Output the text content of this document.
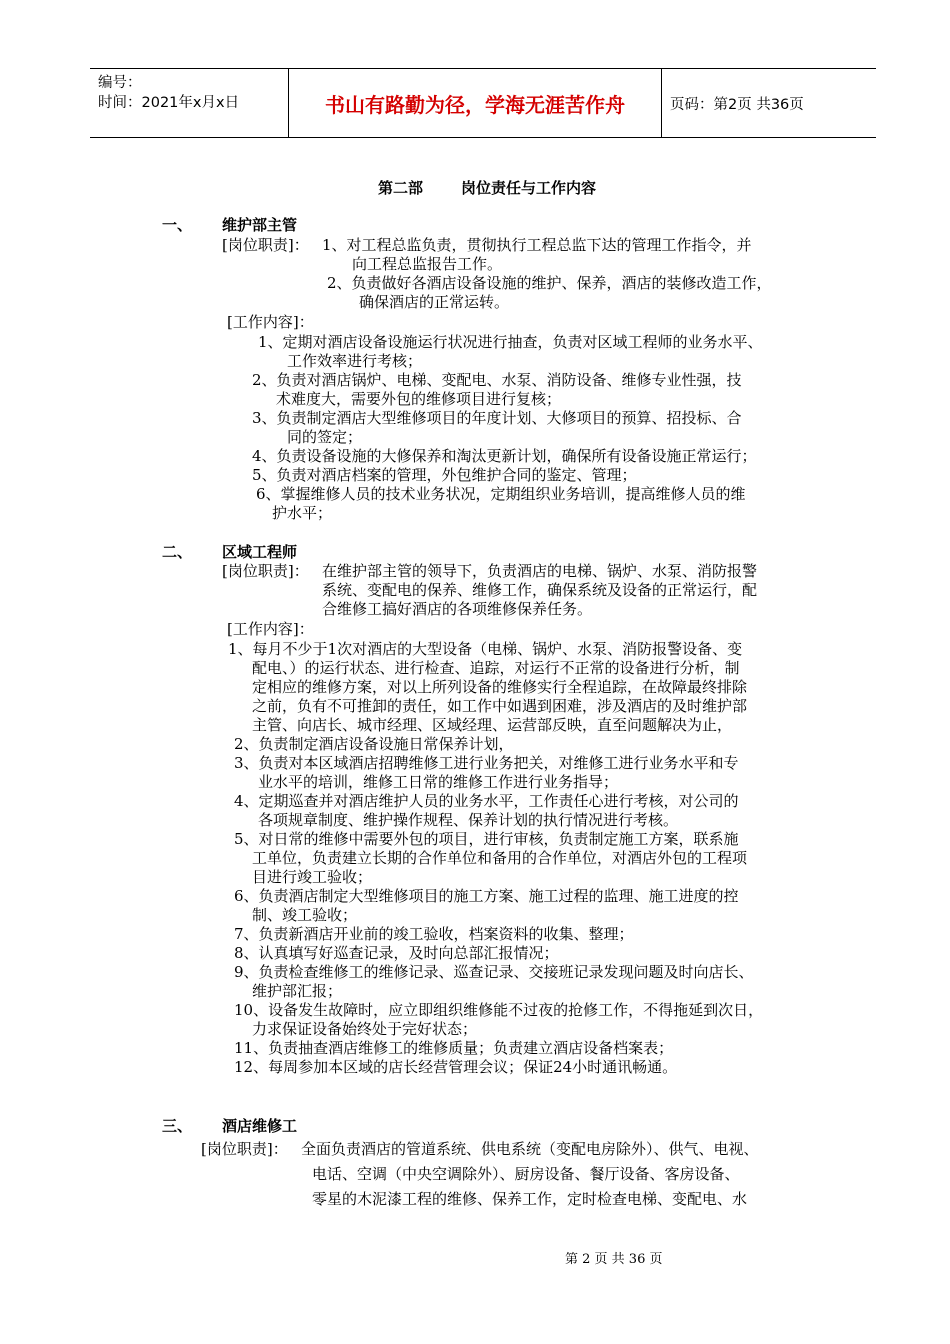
编号：
时间：2021年x月x日	书山有路勤为径，学海无涯苦作舟	页码：第2页 共36页
第二部	岗位责任与工作内容
一、 维护部主管
[岗位职责]： 1、对工程总监负责，贯彻执行工程总监下达的管理工作指令，并
向工程总监报告工作。
2、负责做好各酒店设备设施的维护、保养，酒店的装修改造工作，
确保酒店的正常运转。
[工作内容]：
1、定期对酒店设备设施运行状况进行抽查，负责对区域工程师的业务水平、
工作效率进行考核；
2、负责对酒店锅炉、电梯、变配电、水泵、消防设备、维修专业性强，技
术难度大，需要外包的维修项目进行复核；
3、负责制定酒店大型维修项目的年度计划、大修项目的预算、招投标、合
同的签定；
4、负责设备设施的大修保养和淘汰更新计划，确保所有设备设施正常运行；
5、负责对酒店档案的管理，外包维护合同的鉴定、管理；
6、掌握维修人员的技术业务状况，定期组织业务培训，提高维修人员的维
护水平；
二、 区域工程师
[岗位职责]： 在维护部主管的领导下，负责酒店的电梯、锅炉、水泵、消防报警
系统、变配电的保养、维修工作，确保系统及设备的正常运行，配
合维修工搞好酒店的各项维修保养任务。
[工作内容]：
1、每月不少于1次对酒店的大型设备（电梯、锅炉、水泵、消防报警设备、变
配电、）的运行状态、进行检查、追踪，对运行不正常的设备进行分析，制
定相应的维修方案，对以上所列设备的维修实行全程追踪，在故障最终排除
之前，负有不可推卸的责任，如工作中如遇到困难，涉及酒店的及时维护部
主管、向店长、城市经理、区域经理、运营部反映，直至问题解决为止，
2、负责制定酒店设备设施日常保养计划，
3、负责对本区域酒店招聘维修工进行业务把关，对维修工进行业务水平和专
业水平的培训，维修工日常的维修工作进行业务指导；
4、定期巡查并对酒店维护人员的业务水平，工作责任心进行考核，对公司的
各项规章制度、维护操作规程、保养计划的执行情况进行考核。
5、对日常的维修中需要外包的项目，进行审核，负责制定施工方案，联系施
工单位，负责建立长期的合作单位和备用的合作单位，对酒店外包的工程项
目进行竣工验收；
6、负责酒店制定大型维修项目的施工方案、施工过程的监理、施工进度的控
制、竣工验收；
7、负责新酒店开业前的竣工验收，档案资料的收集、整理；
8、认真填写好巡查记录，及时向总部汇报情况；
9、负责检查维修工的维修记录、巡查记录、交接班记录发现问题及时向店长、
维护部汇报；
10、设备发生故障时，应立即组织维修能不过夜的抢修工作，不得拖延到次日，
力求保证设备始终处于完好状态；
11、负责抽查酒店维修工的维修质量；负责建立酒店设备档案表；
12、每周参加本区域的店长经营管理会议；保证24小时通讯畅通。
三、 酒店维修工
[岗位职责]： 全面负责酒店的管道系统、供电系统（变配电房除外）、供气、电视、
电话、空调（中央空调除外）、厨房设备、餐厅设备、客房设备、
零星的木泥漆工程的维修、保养工作，定时检查电梯、变配电、水
第 2 页 共 36 页
